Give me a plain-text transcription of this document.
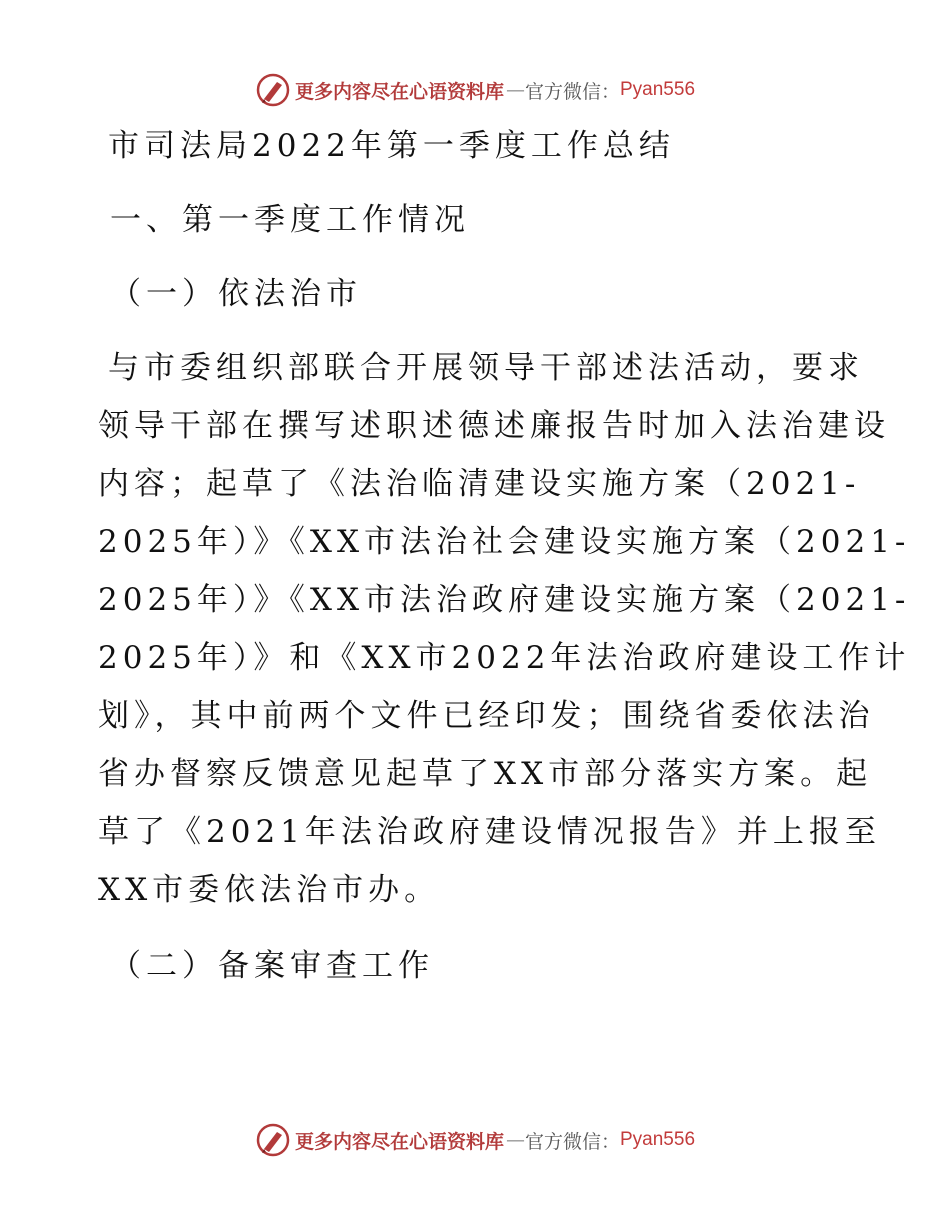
更多内容尽在心语资料库 — 官方微信： Pyan556

市司法局2022年第一季度工作总结

一、第一季度工作情况

（一）依法治市

与市委组织部联合开展领导干部述法活动，要求

领导干部在撰写述职述德述廉报告时加入法治建设

内容；起草了《法治临清建设实施方案（2021-

2025年）》《XX市法治社会建设实施方案（2021-

2025年）》《XX市法治政府建设实施方案（2021-

2025年）》和《XX市2022年法治政府建设工作计

划》，其中前两个文件已经印发；围绕省委依法治

省办督察反馈意见起草了XX市部分落实方案。起

草了《2021年法治政府建设情况报告》并上报至

XX市委依法治市办。

（二）备案审查工作

更多内容尽在心语资料库 — 官方微信： Pyan556
